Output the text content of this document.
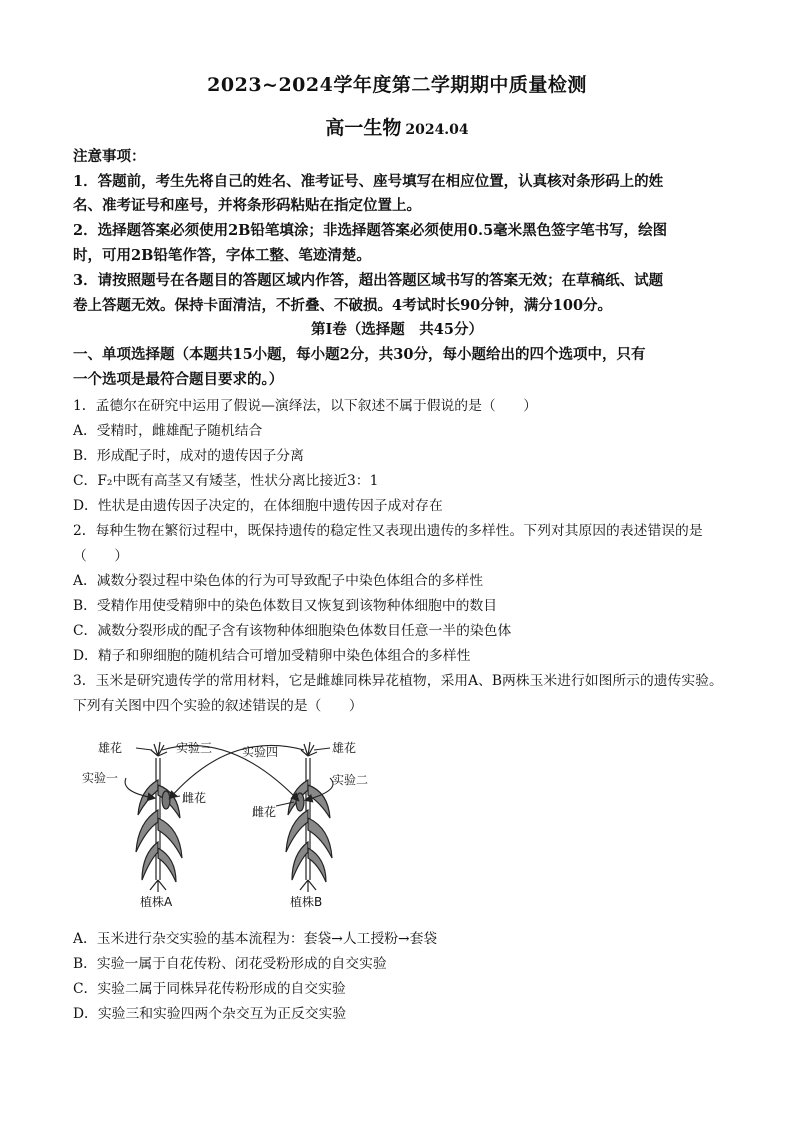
2023~2024学年度第二学期期中质量检测
高一生物 2024.04
注意事项：
1．答题前，考生先将自己的姓名、准考证号、座号填写在相应位置，认真核对条形码上的姓
名、准考证号和座号，并将条形码粘贴在指定位置上。
2．选择题答案必须使用2B铅笔填涂；非选择题答案必须使用0.5毫米黑色签字笔书写，绘图
时，可用2B铅笔作答，字体工整、笔迹清楚。
3．请按照题号在各题目的答题区域内作答，超出答题区域书写的答案无效；在草稿纸、试题
卷上答题无效。保持卡面清洁，不折叠、不破损。4考试时长90分钟，满分100分。
第Ⅰ卷（选择题　共45分）
一、单项选择题（本题共15小题，每小题2分，共30分，每小题给出的四个选项中，只有
一个选项是最符合题目要求的。）
1．孟德尔在研究中运用了假说—演绎法，以下叙述不属于假说的是（　　）
A．受精时，雌雄配子随机结合
B．形成配子时，成对的遗传因子分离
C．F₂中既有高茎又有矮茎，性状分离比接近3：1
D．性状是由遗传因子决定的，在体细胞中遗传因子成对存在
2．每种生物在繁衍过程中，既保持遗传的稳定性又表现出遗传的多样性。下列对其原因的表述错误的是
（　　）
A．减数分裂过程中染色体的行为可导致配子中染色体组合的多样性
B．受精作用使受精卵中的染色体数目又恢复到该物种体细胞中的数目
C．减数分裂形成的配子含有该物种体细胞染色体数目任意一半的染色体
D．精子和卵细胞的随机结合可增加受精卵中染色体组合的多样性
3．玉米是研究遗传学的常用材料，它是雌雄同株异花植物，采用A、B两株玉米进行如图所示的遗传实验。
下列有关图中四个实验的叙述错误的是（　　）
雄花	实验三 实验四	雄花
实验一	实验二
雌花
雌花
植株A	植株B
A．玉米进行杂交实验的基本流程为：套袋→人工授粉→套袋
B．实验一属于自花传粉、闭花受粉形成的自交实验
C．实验二属于同株异花传粉形成的自交实验
D．实验三和实验四两个杂交互为正反交实验
